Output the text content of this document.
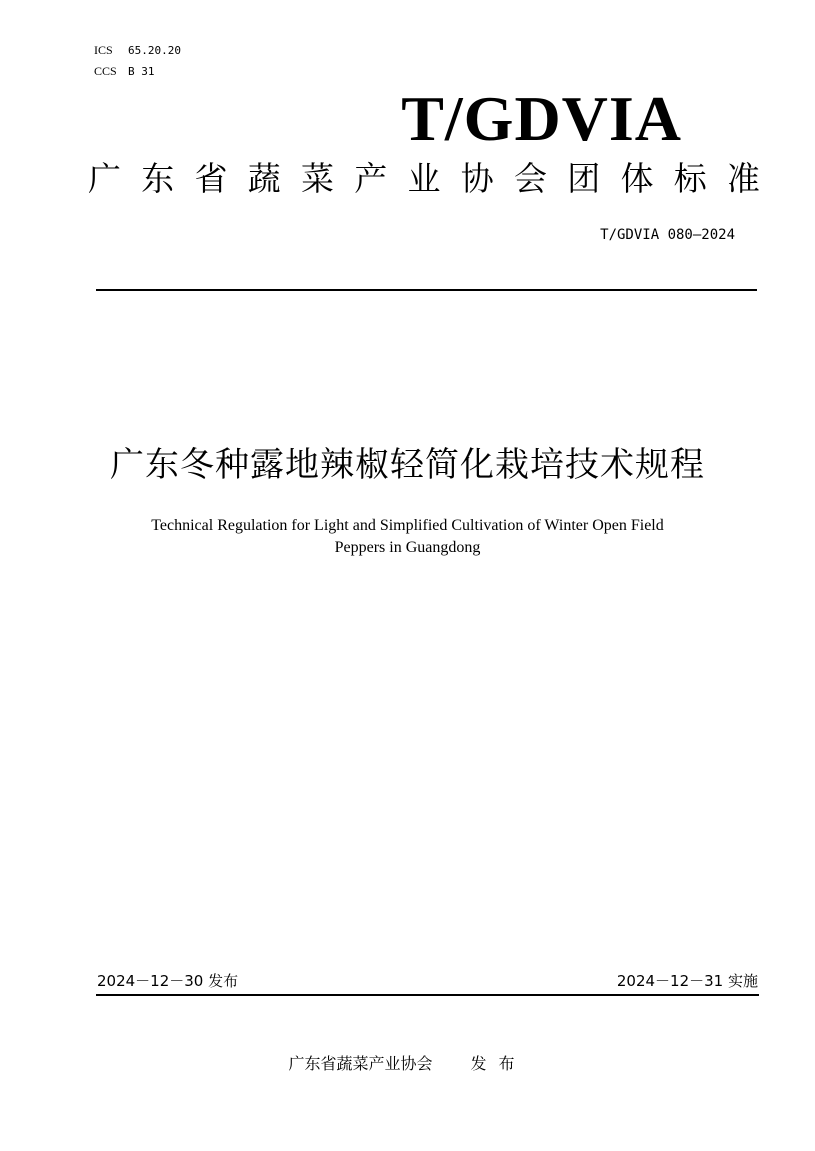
ICS 65.20.20
CCS B 31
T/GDVIA
广 东 省 蔬 菜 产 业 协 会 团 体 标 准
T/GDVIA 080—2024
广东冬种露地辣椒轻简化栽培技术规程
Technical Regulation for Light and Simplified Cultivation of Winter Open Field
Peppers in Guangdong
2024－12－30 发布	2024－12－31 实施
广东省蔬菜产业协会 发布
